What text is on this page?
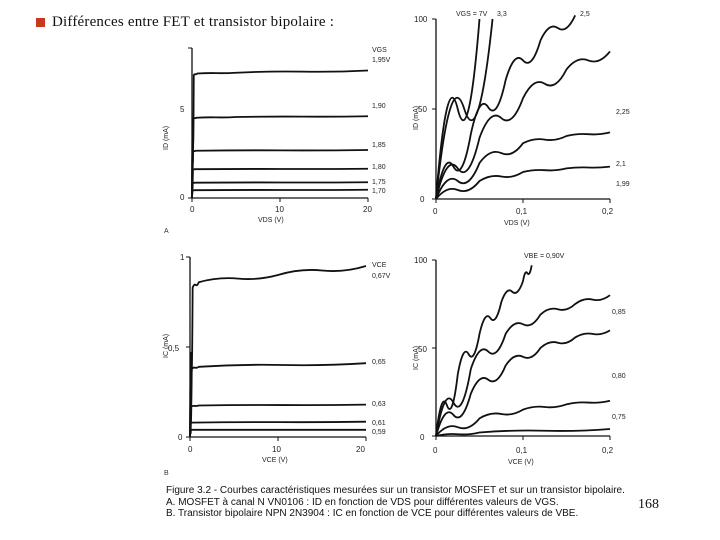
Différences entre FET et transistor bipolaire :
ID (mA)
0
5
0	10	20
VDS (V)
VGS
1,95V
1,90
1,85
1,80
1,75
1,70
ID (mA)
0
50
100
0	0,1	0,2
VDS (V)
VGS = 7V 3,3	2,5
2,25
2,1
1,99
A
IC (mA)
0
0,5
1
0	10	20
VCE (V)
VCE
0,67V
0,65
0,63
0,61
0,59
IC (mA)
0
50
100
0	0,1	0,2
VCE (V)
VBE = 0,90V
0,85
0,80
0,75
B
Figure 3.2 - Courbes caractéristiques mesurées sur un transistor MOSFET et sur un transistor bipolaire.
A. MOSFET à canal N VN0106 : ID en fonction de VDS pour différentes valeurs de VGS.
B. Transistor bipolaire NPN 2N3904 : IC en fonction de VCE pour différentes valeurs de VBE.
168
